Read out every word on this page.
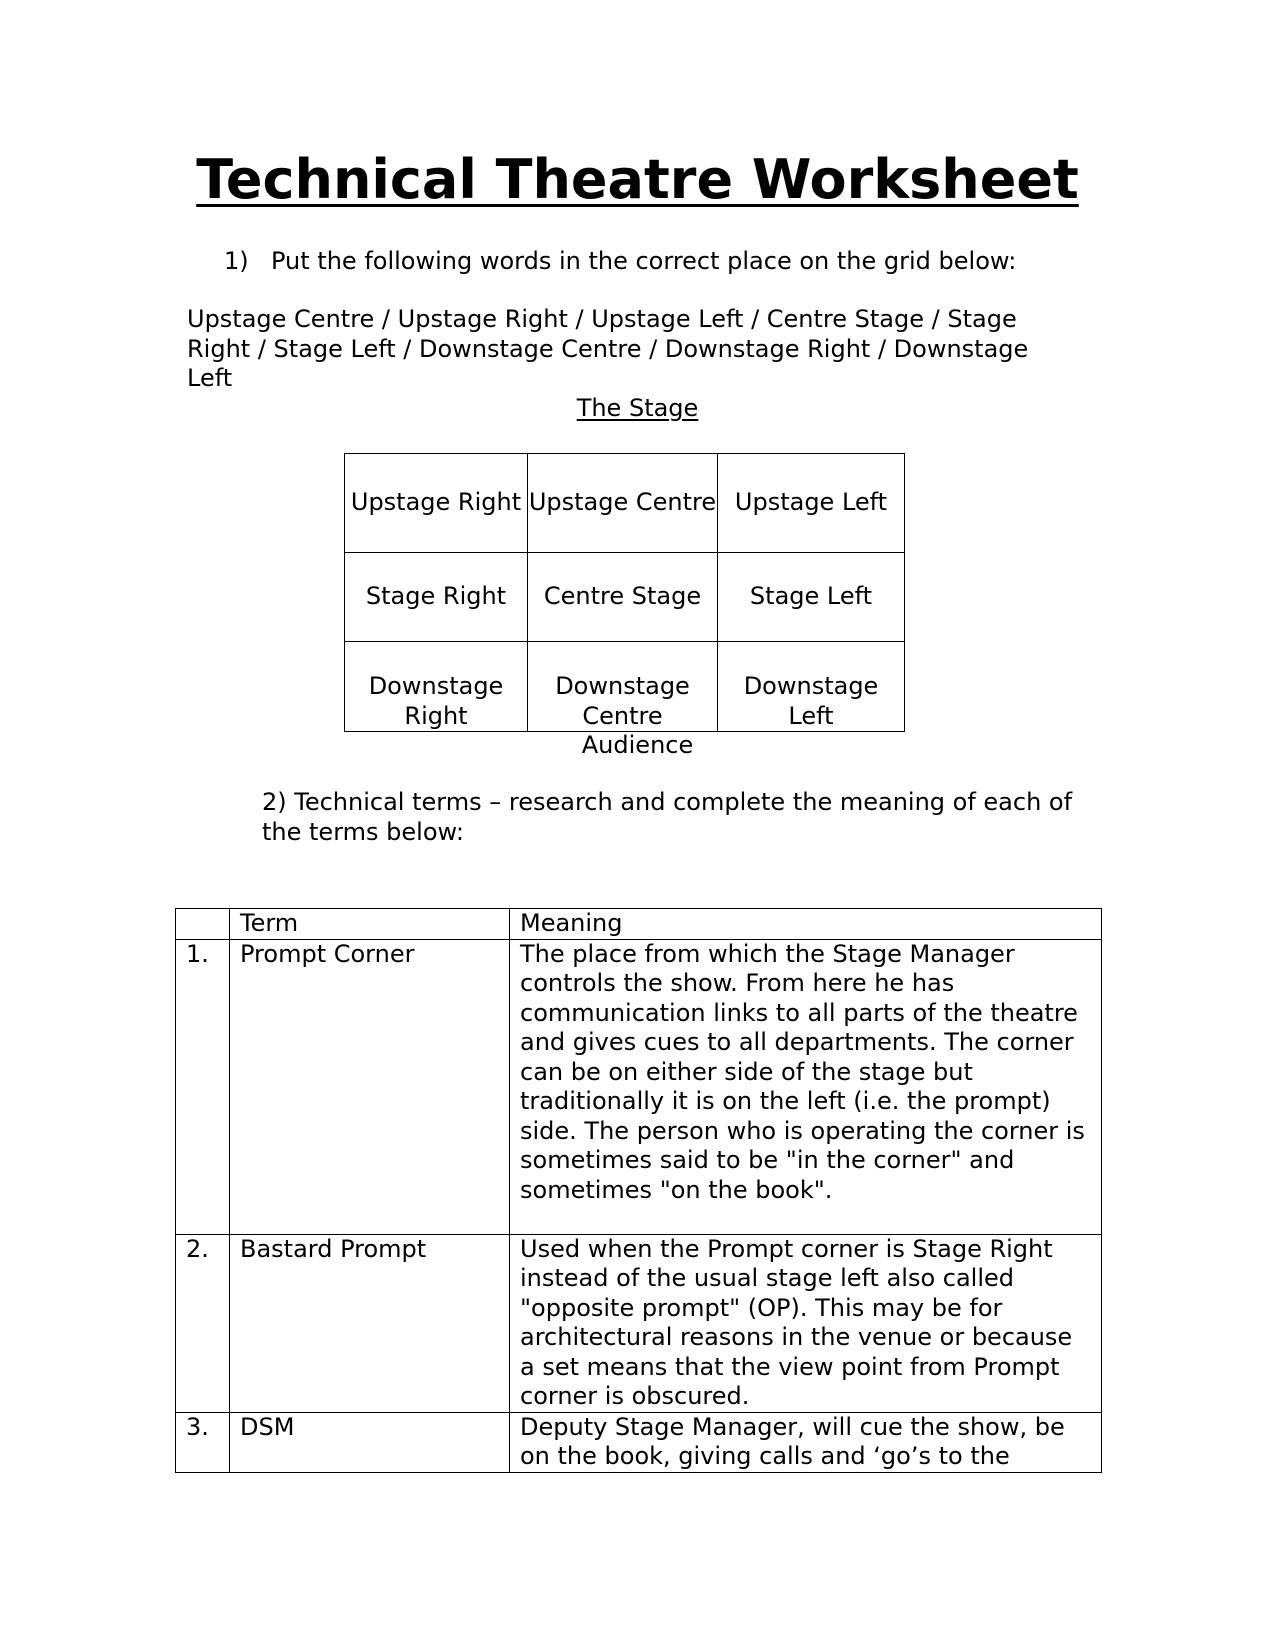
Technical Theatre Worksheet

1) Put the following words in the correct place on the grid below:

Upstage Centre / Upstage Right / Upstage Left / Centre Stage / Stage Right / Stage Left / Downstage Centre / Downstage Right / Downstage Left

The Stage

Upstage Right	Upstage Centre	Upstage Left
Stage Right	Centre Stage	Stage Left
Downstage Right	Downstage Centre	Downstage Left

Audience

2) Technical terms – research and complete the meaning of each of the terms below:

	Term	Meaning
1.	Prompt Corner	The place from which the Stage Manager controls the show. From here he has communication links to all parts of the theatre and gives cues to all departments. The corner can be on either side of the stage but traditionally it is on the left (i.e. the prompt) side. The person who is operating the corner is sometimes said to be "in the corner" and sometimes "on the book".
2.	Bastard Prompt	Used when the Prompt corner is Stage Right instead of the usual stage left also called "opposite prompt" (OP). This may be for architectural reasons in the venue or because a set means that the view point from Prompt corner is obscured.
3.	DSM	Deputy Stage Manager, will cue the show, be on the book, giving calls and ‘go’s to the
